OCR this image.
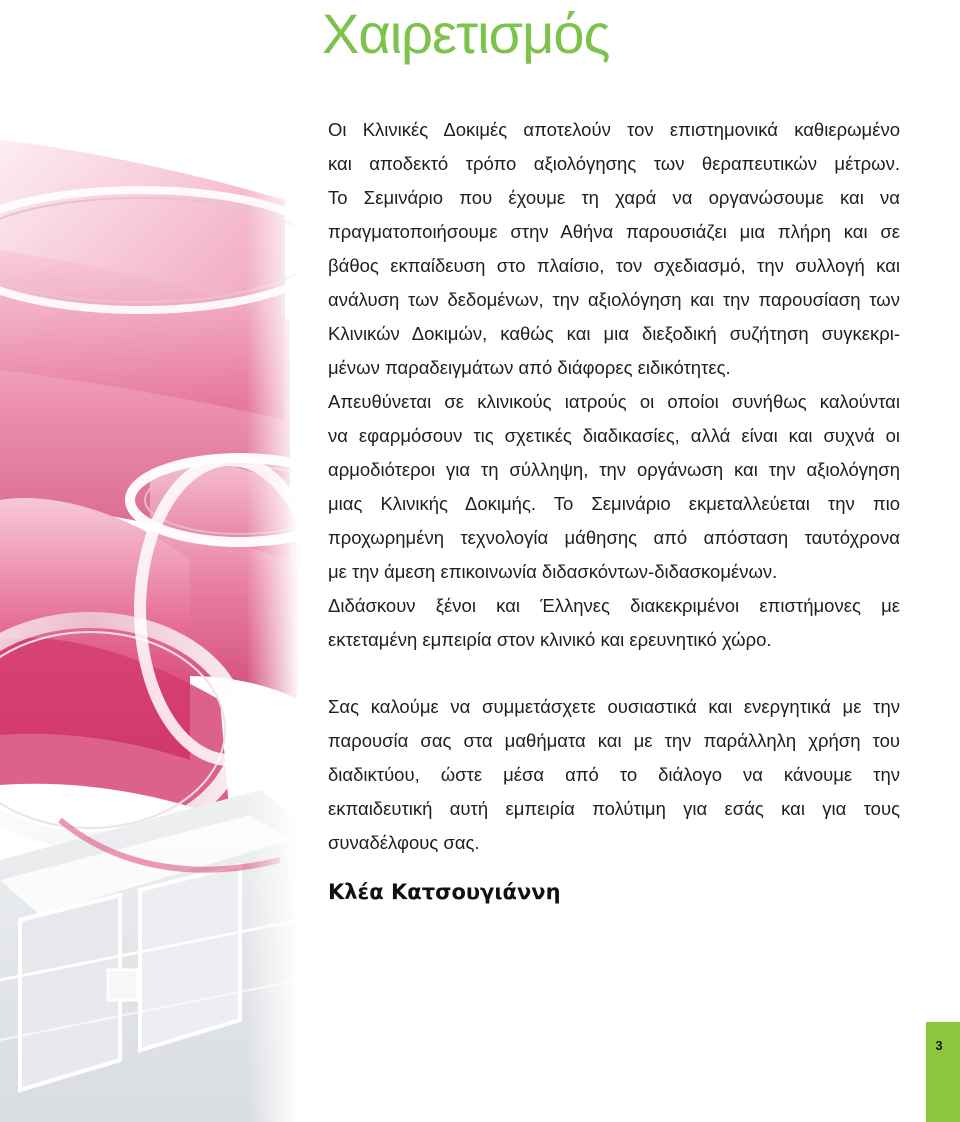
Χαιρετισμός

Οι Κλινικές Δοκιμές αποτελούν τον επιστημονικά καθιερωμένο
και αποδεκτό τρόπο αξιολόγησης των θεραπευτικών μέτρων.
Το Σεμινάριο που έχουμε τη χαρά να οργανώσουμε και να
πραγματοποιήσουμε στην Αθήνα παρουσιάζει μια πλήρη και σε
βάθος εκπαίδευση στο πλαίσιο, τον σχεδιασμό, την συλλογή και
ανάλυση των δεδομένων, την αξιολόγηση και την παρουσίαση των
Κλινικών Δοκιμών, καθώς και μια διεξοδική συζήτηση συγκεκρι-
μένων παραδειγμάτων από διάφορες ειδικότητες.
Απευθύνεται σε κλινικούς ιατρούς οι οποίοι συνήθως καλούνται
να εφαρμόσουν τις σχετικές διαδικασίες, αλλά είναι και συχνά οι
αρμοδιότεροι για τη σύλληψη, την οργάνωση και την αξιολόγηση
μιας Κλινικής Δοκιμής. Το Σεμινάριο εκμεταλλεύεται την πιο
προχωρημένη τεχνολογία μάθησης από απόσταση ταυτόχρονα
με την άμεση επικοινωνία διδασκόντων-διδασκομένων.
Διδάσκουν ξένοι και Έλληνες διακεκριμένοι επιστήμονες με
εκτεταμένη εμπειρία στον κλινικό και ερευνητικό χώρο.

Σας καλούμε να συμμετάσχετε ουσιαστικά και ενεργητικά με την
παρουσία σας στα μαθήματα και με την παράλληλη χρήση του
διαδικτύου, ώστε μέσα από το διάλογο να κάνουμε την
εκπαιδευτική αυτή εμπειρία πολύτιμη για εσάς και για τους
συναδέλφους σας.

Κλέα Κατσουγιάννη

3
